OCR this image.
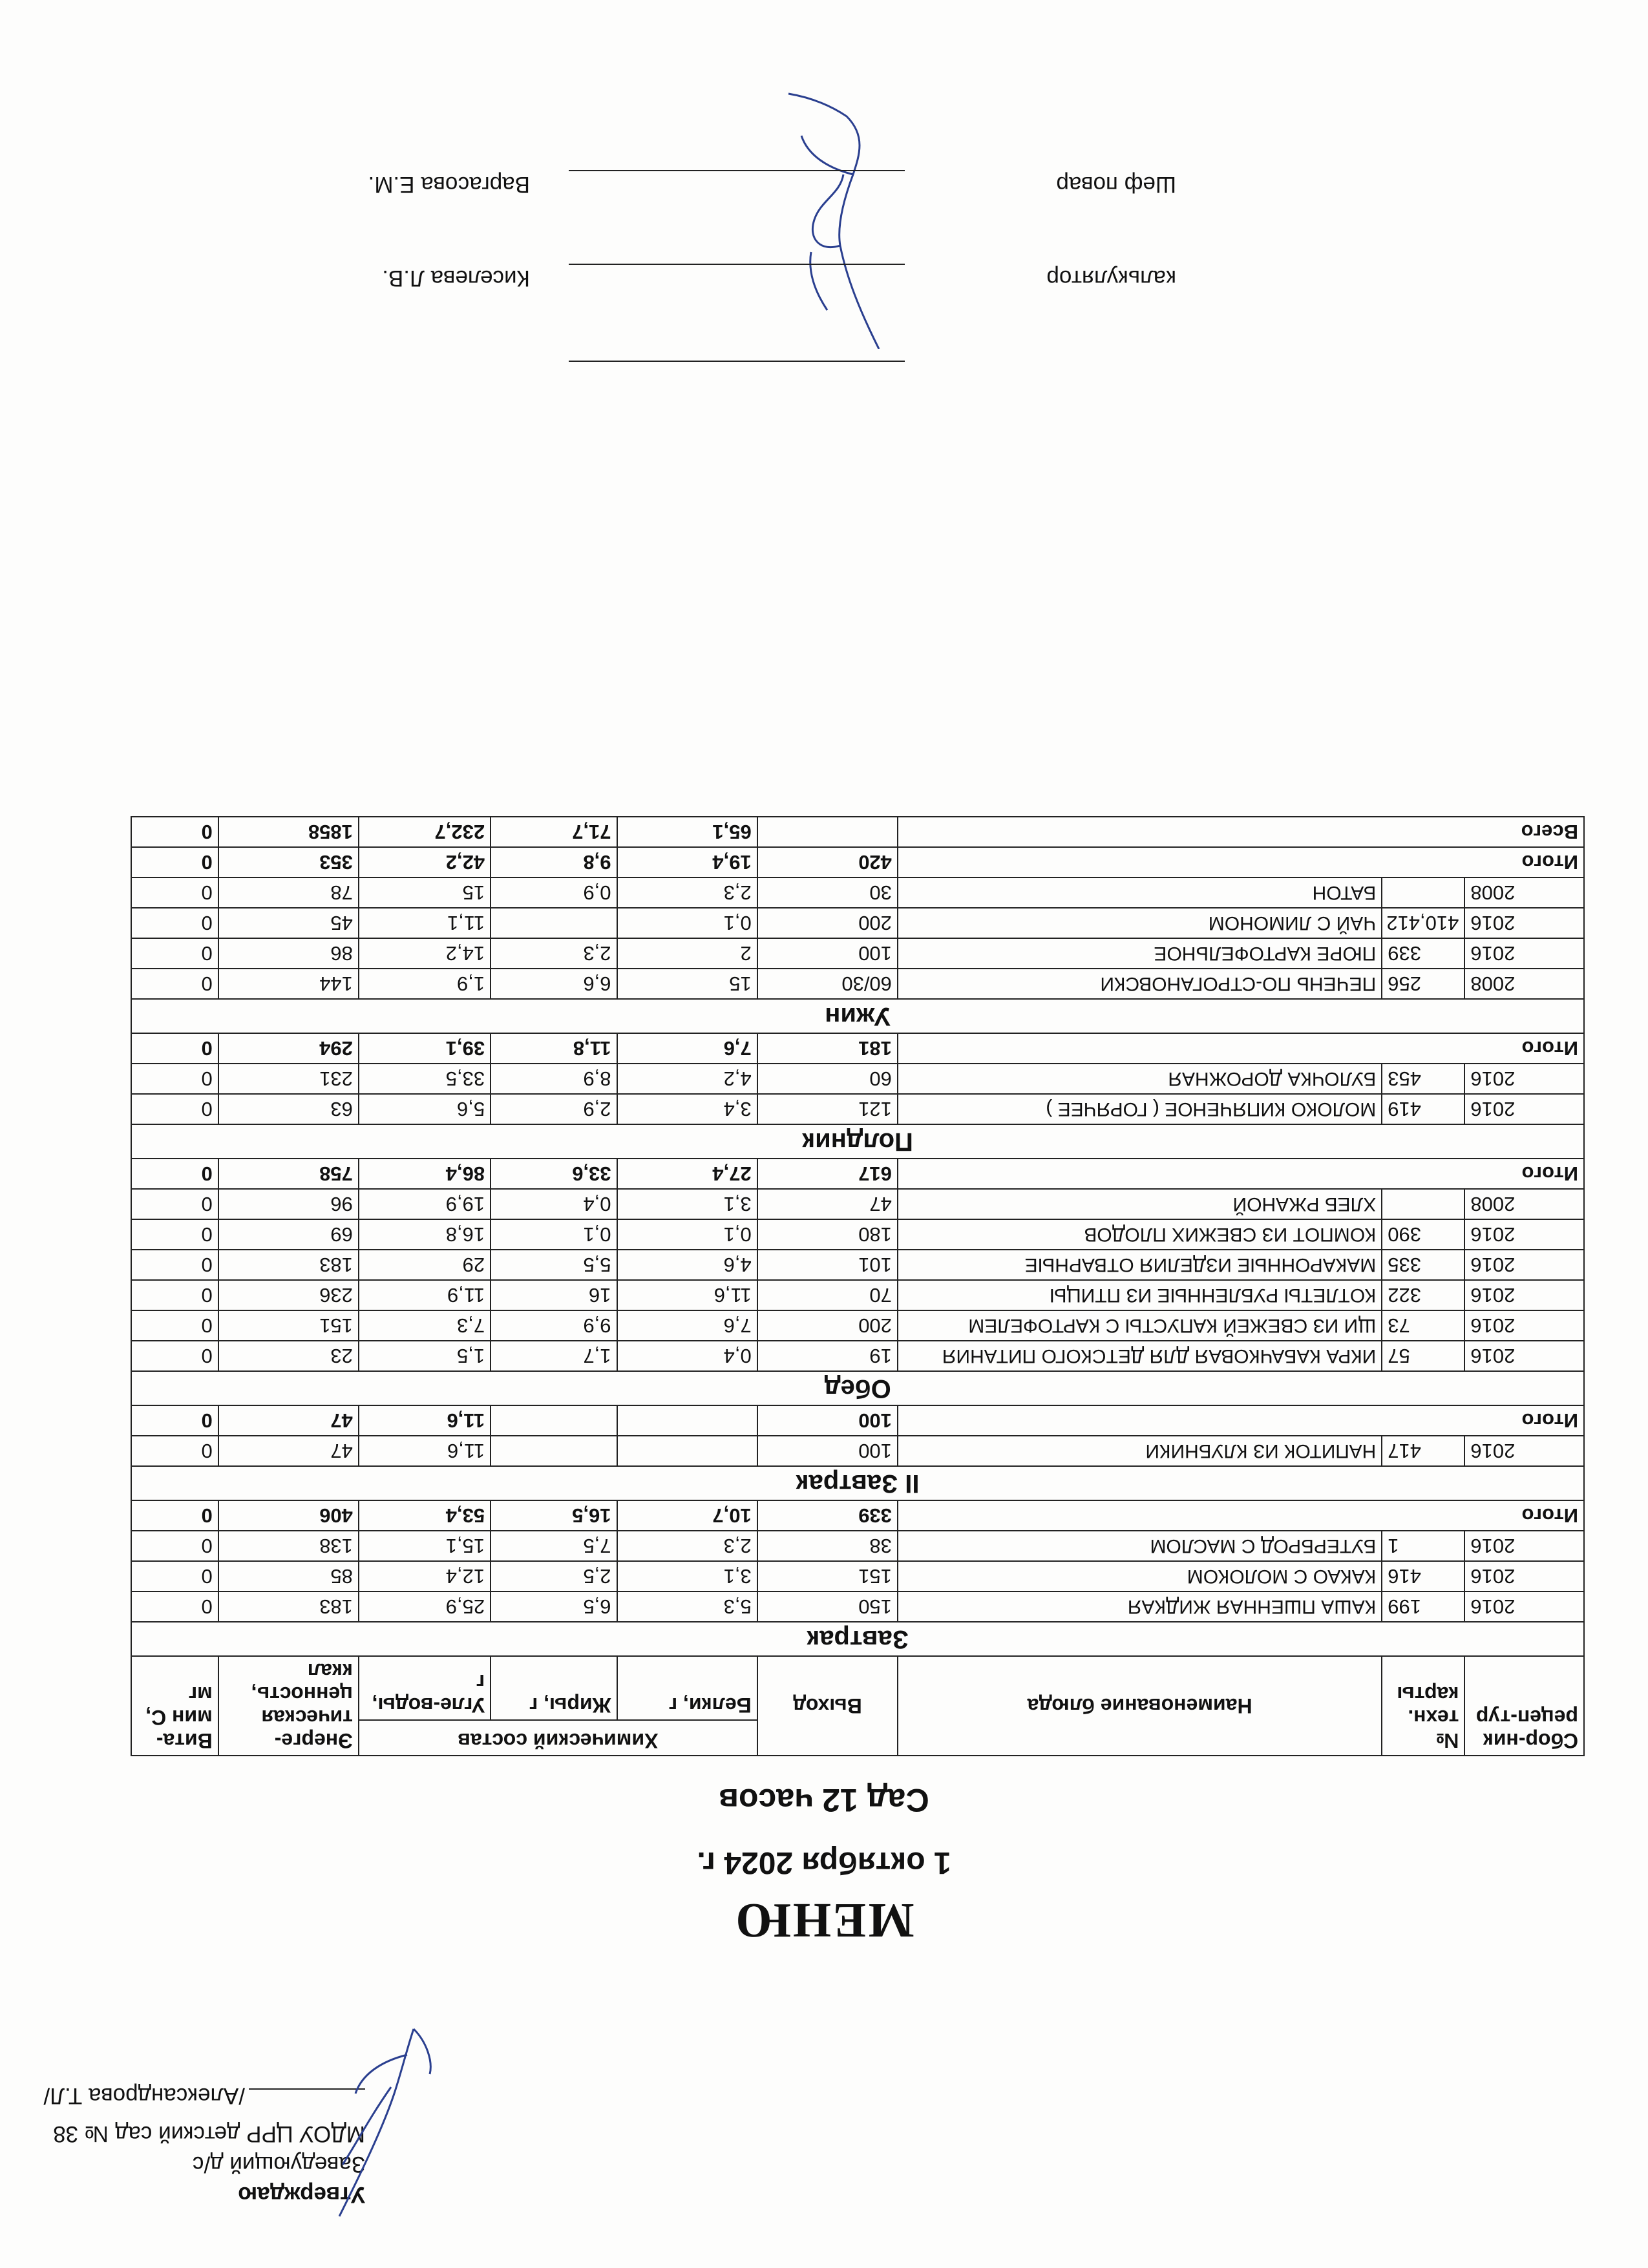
Утверждаю
Заведующий д/с
МДОУ ЦРР детский сад № 38
/Александрова Т.Л/
МЕНЮ
1 октября 2024 г.
Сад 12 часов
Сбор-ник рецеп-тур	№ техн. карты	Наименование блюда	Выход	Химический состав			Энерге-тическая ценность, ккал	Вита-мин С, мг
				Белки, г	Жиры, г	Угле-воды, г		
Завтрак								
2016	199	КАША ПШЕННАЯ ЖИДКАЯ	150	5,3	6,5	25,9	183	0
2016	416	КАКАО С МОЛОКОМ	151	3,1	2,5	12,4	85	0
2016	1	БУТЕРБРОД С МАСЛОМ	38	2,3	7,5	15,1	138	0
Итого			339	10,7	16,5	53,4	406	0
II Завтрак								
2016	417	НАПИТОК ИЗ КЛУБНИКИ	100			11,6	47	0
Итого			100			11,6	47	0
Обед								
2016	57	ИКРА КАБАЧКОВАЯ ДЛЯ ДЕТСКОГО ПИТАНИЯ	19	0,4	1,7	1,5	23	0
2016	73	ЩИ ИЗ СВЕЖЕЙ КАПУСТЫ С КАРТОФЕЛЕМ	200	7,6	9,9	7,3	151	0
2016	322	КОТЛЕТЫ РУБЛЕННЫЕ ИЗ ПТИЦЫ	70	11,6	16	11,9	236	0
2016	335	МАКАРОННЫЕ ИЗДЕЛИЯ ОТВАРНЫЕ	101	4,6	5,5	29	183	0
2016	390	КОМПОТ ИЗ СВЕЖИХ ПЛОДОВ	180	0,1	0,1	16,8	69	0
2008		ХЛЕБ РЖАНОЙ	47	3,1	0,4	19,9	96	0
Итого			617	27,4	33,6	86,4	758	0
Полдник								
2016	419	МОЛОКО КИПЯЧЕНОЕ ( ГОРЯЧЕЕ )	121	3,4	2,9	5,6	63	0
2016	453	БУЛОЧКА ДОРОЖНАЯ	60	4,2	8,9	33,5	231	0
Итого			181	7,6	11,8	39,1	294	0
Ужин								
2008	256	ПЕЧЕНЬ ПО-СТРОГАНОВСКИ	60/30	15	6,6	1,9	144	0
2016	339	ПЮРЕ КАРТОФЕЛЬНОЕ	100	2	2,3	14,2	86	0
2016	410,412	ЧАЙ С ЛИМОНОМ	200	0,1		11,1	45	0
2008		БАТОН	30	2,3	0,9	15	78	0
Итого			420	19,4	9,8	42,2	353	0
Всего				65,1	71,7	232,7	1858	0
калькулятор
Киселева Л.В.
Шеф повар
Варгасова Е.М.
